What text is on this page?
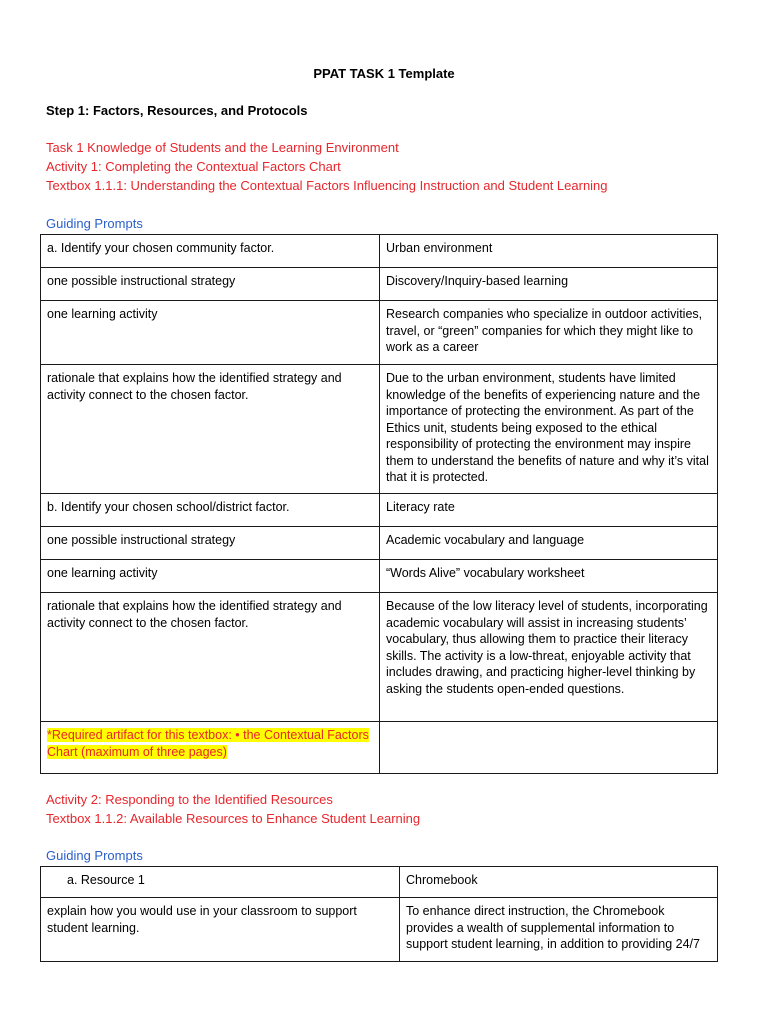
PPAT TASK 1 Template
Step 1: Factors, Resources, and Protocols
Task 1 Knowledge of Students and the Learning Environment
Activity 1: Completing the Contextual Factors Chart
Textbox 1.1.1: Understanding the Contextual Factors Influencing Instruction and Student Learning
Guiding Prompts
a. Identify your chosen community factor.	Urban environment
one possible instructional strategy	Discovery/Inquiry-based learning
one learning activity	Research companies who specialize in outdoor activities, travel, or “green” companies for which they might like to work as a career
rationale that explains how the identified strategy and activity connect to the chosen factor.	Due to the urban environment, students have limited knowledge of the benefits of experiencing nature and the importance of protecting the environment. As part of the Ethics unit, students being exposed to the ethical responsibility of protecting the environment may inspire them to understand the benefits of nature and why it’s vital that it is protected.
b. Identify your chosen school/district factor.	Literacy rate
one possible instructional strategy	Academic vocabulary and language
one learning activity	“Words Alive” vocabulary worksheet
rationale that explains how the identified strategy and activity connect to the chosen factor.	Because of the low literacy level of students, incorporating academic vocabulary will assist in increasing students’ vocabulary, thus allowing them to practice their literacy skills. The activity is a low-threat, enjoyable activity that includes drawing, and practicing higher-level thinking by asking the students open-ended questions.
*Required artifact for this textbox: • the Contextual Factors Chart (maximum of three pages)	
Activity 2: Responding to the Identified Resources
Textbox 1.1.2: Available Resources to Enhance Student Learning
Guiding Prompts
a. Resource 1	Chromebook
explain how you would use in your classroom to support student learning.	To enhance direct instruction, the Chromebook provides a wealth of supplemental information to support student learning, in addition to providing 24/7
